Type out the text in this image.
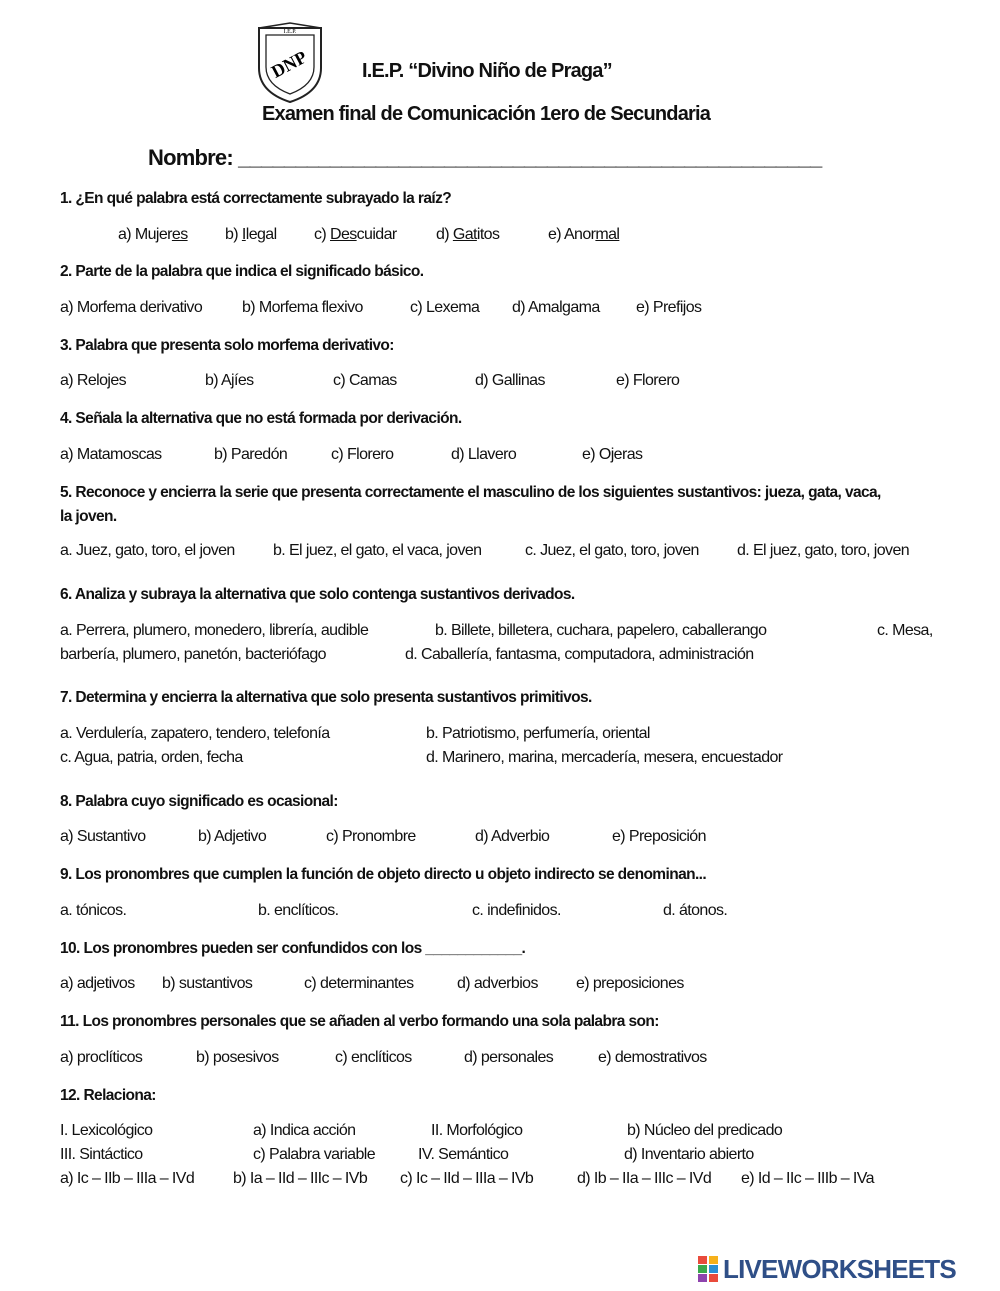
I.E.P.
DNP	I.E.P. “Divino Niño de Praga”
Examen final de Comunicación 1ero de Secundaria
Nombre: ___________________________________________________
1. ¿En qué palabra está correctamente subrayado la raíz?
a) Mujeres b) Ilegal c) Descuidar d) Gatitos	e) Anormal
2. Parte de la palabra que indica el significado básico.
a) Morfema derivativo b) Morfema flexivo	c) Lexema d) Amalgama e) Prefijos
3. Palabra que presenta solo morfema derivativo:
a) Relojes	b) Ajíes	c) Camas	d) Gallinas	e) Florero
4. Señala la alternativa que no está formada por derivación.
a) Matamoscas	b) Paredón	c) Florero	d) Llavero	e) Ojeras
5. Reconoce y encierra la serie que presenta correctamente el masculino de los siguientes sustantivos: jueza, gata, vaca,
la joven.
a. Juez, gato, toro, el joven b. El juez, el gato, el vaca, joven	c. Juez, el gato, toro, joven d. El juez, gato, toro, joven
6. Analiza y subraya la alternativa que solo contenga sustantivos derivados.
a. Perrera, plumero, monedero, librería, audible	b. Billete, billetera, cuchara, papelero, caballerango	c. Mesa,
barbería, plumero, panetón, bacteriófago	d. Caballería, fantasma, computadora, administración
7. Determina y encierra la alternativa que solo presenta sustantivos primitivos.
a. Verdulería, zapatero, tendero, telefonía	b. Patriotismo, perfumería, oriental
c. Agua, patria, orden, fecha	d. Marinero, marina, mercadería, mesera, encuestador
8. Palabra cuyo significado es ocasional:
a) Sustantivo	b) Adjetivo	c) Pronombre	d) Adverbio	e) Preposición
9. Los pronombres que cumplen la función de objeto directo u objeto indirecto se denominan...
a. tónicos.	b. enclíticos.	c. indefinidos.	d. átonos.
10. Los pronombres pueden ser confundidos con los ____________.
a) adjetivos b) sustantivos	c) determinantes	d) adverbios e) preposiciones
11. Los pronombres personales que se añaden al verbo formando una sola palabra son:
a) proclíticos	b) posesivos	c) enclíticos	d) personales	e) demostrativos
12. Relaciona:
I. Lexicológico	a) Indica acción	II. Morfológico	b) Núcleo del predicado
III. Sintáctico	c) Palabra variable	IV. Semántico	d) Inventario abierto
a) Ic – IIb – IIIa – IVd b) Ia – IId – IIIc – IVb c) Ic – IId – IIIa – IVb	d) Ib – IIa – IIIc – IVd e) Id – IIc – IIIb – IVa
LIVEWORKSHEETS
